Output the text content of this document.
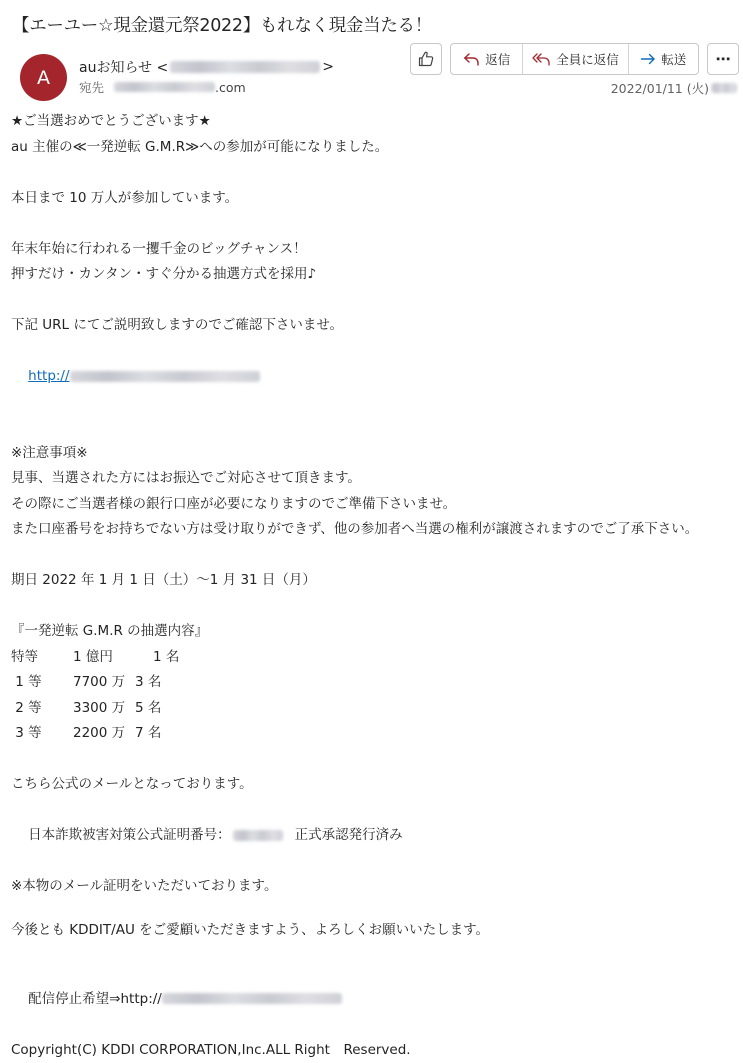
【エーユー☆現金還元祭2022】もれなく現金当たる！
A auお知らせ <	>
宛先	.com
返信	全員に返信	転送 ⋯
2022/01/11 (火)
★ご当選おめでとうございます★
au 主催の≪一発逆転 G.M.R≫への参加が可能になりました。
本日まで 10 万人が参加しています。
年末年始に行われる一攫千金のビッグチャンス！
押すだけ・カンタン・すぐ分かる抽選方式を採用♪
下記 URL にてご説明致しますのでご確認下さいませ。

http://

※注意事項※
見事、当選された方にはお振込でご対応させて頂きます。
その際にご当選者様の銀行口座が必要になりますのでご準備下さいませ。
また口座番号をお持ちでない方は受け取りができず、他の参加者へ当選の権利が譲渡されますのでご了承下さい。
期日 2022 年 1 月 1 日（土）～1 月 31 日（月）
『一発逆転 G.M.R の抽選内容』
特等	1 億円	1 名
1 等	7700 万 3 名
2 等	3300 万 5 名
3 等	2200 万 7 名
こちら公式のメールとなっております。

日本詐欺被害対策公式証明番号：	正式承認発行済み

※本物のメール証明をいただいております。
今後とも KDDIT/AU をご愛顧いただきますよう、よろしくお願いいたします。

配信停止希望⇒http://

Copyright(C) KDDI CORPORATION,Inc.ALL Right　Reserved.
